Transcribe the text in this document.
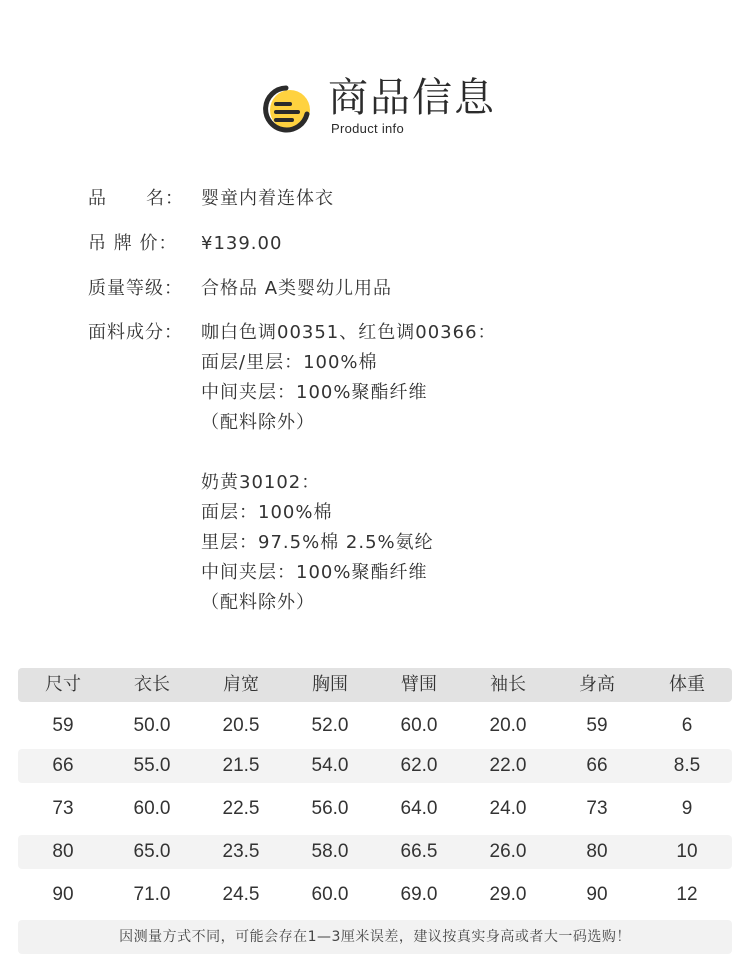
商品信息
Product info
品 名 ： 婴童内着连体衣
吊 牌 价：	¥139.00
质量等级：	合格品 A类婴幼儿用品
面料成分：	咖白色调00351、红色调00366：
面层/里层：100%棉
中间夹层：100%聚酯纤维
（配料除外）
奶黄30102：
面层：100%棉
里层：97.5%棉 2.5%氨纶
中间夹层：100%聚酯纤维
（配料除外）
尺寸	衣长	肩宽	胸围	臂围	袖长	身高	体重
59	50.0	20.5	52.0	60.0	20.0	59	6
66	55.0	21.5	54.0	62.0	22.0	66	8.5
73	60.0	22.5	56.0	64.0	24.0	73	9
80	65.0	23.5	58.0	66.5	26.0	80	10
90	71.0	24.5	60.0	69.0	29.0	90	12
因测量方式不同，可能会存在1—3厘米误差，建议按真实身高或者大一码选购！
